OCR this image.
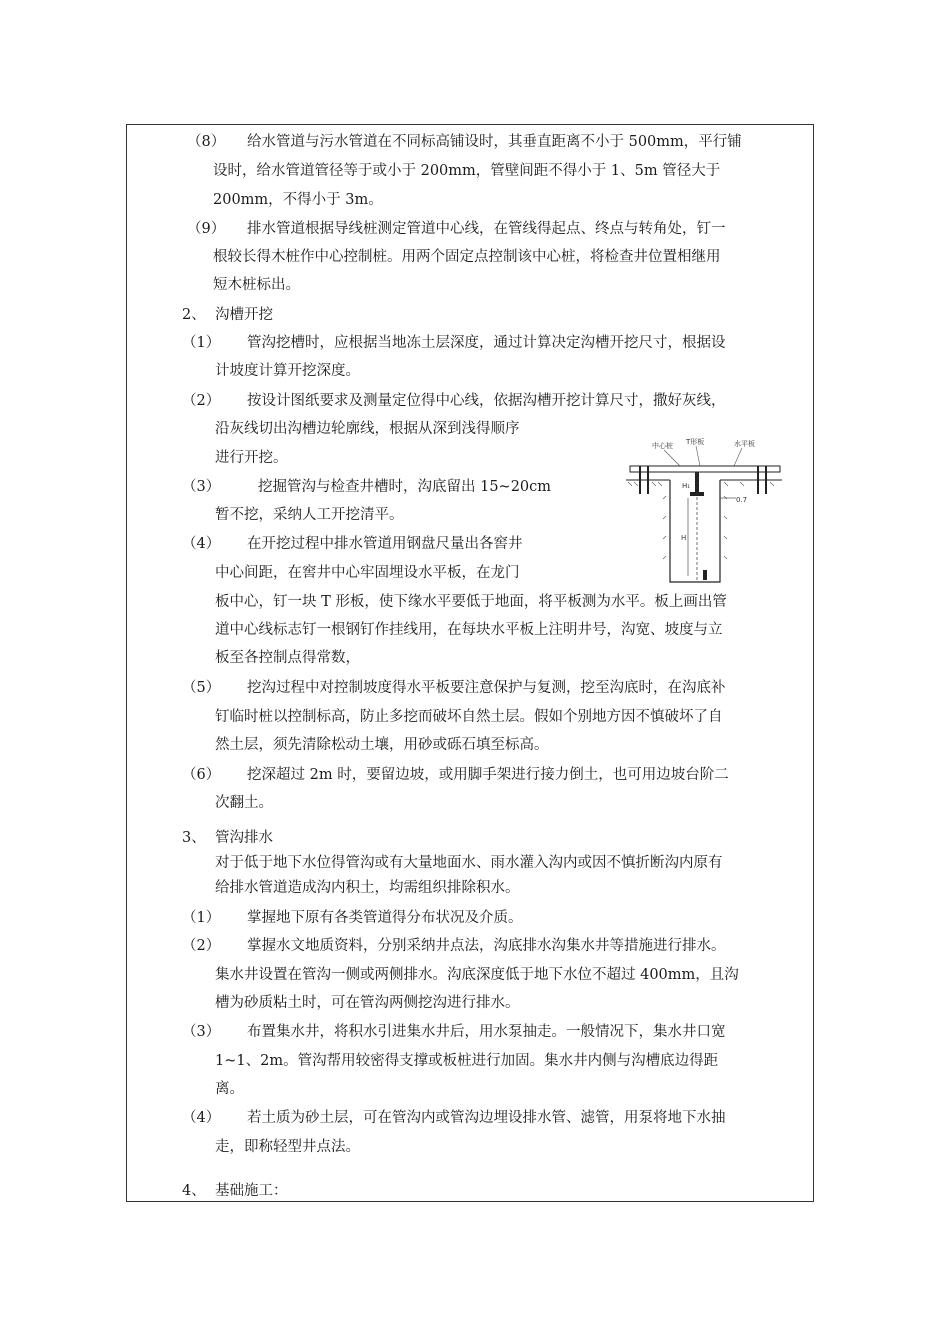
（8） 给水管道与污水管道在不同标高铺设时，其垂直距离不小于 500mm，平行铺
设时，给水管道管径等于或小于 200mm，管壁间距不得小于 1、5m 管径大于
200mm，不得小于 3m。
（9） 排水管道根据导线桩测定管道中心线，在管线得起点、终点与转角处，钉一
根较长得木桩作中心控制桩。用两个固定点控制该中心桩，将检查井位置相继用
短木桩标出。
2、 沟槽开挖
（1） 管沟挖槽时，应根据当地冻土层深度，通过计算决定沟槽开挖尺寸，根据设
计坡度计算开挖深度。
（2） 按设计图纸要求及测量定位得中心线，依据沟槽开挖计算尺寸，撒好灰线，
沿灰线切出沟槽边轮廓线，根据从深到浅得顺序
进行开挖。
（3）	挖掘管沟与检查井槽时，沟底留出 15~20cm
暂不挖，采纳人工开挖清平。
（4） 在开挖过程中排水管道用钢盘尺量出各窖井
中心间距，在窖井中心牢固埋设水平板，在龙门
板中心，钉一块 T 形板，使下缘水平要低于地面，将平板测为水平。板上画出管
道中心线标志钉一根钢钉作挂线用，在每块水平板上注明井号，沟宽、坡度与立
板至各控制点得常数，
（5） 挖沟过程中对控制坡度得水平板要注意保护与复测，挖至沟底时，在沟底补
钉临时桩以控制标高，防止多挖而破坏自然土层。假如个别地方因不慎破坏了自
然土层，须先清除松动土壤，用砂或砾石填至标高。
（6） 挖深超过 2m 时，要留边坡，或用脚手架进行接力倒土，也可用边坡台阶二
次翻土。
3、 管沟排水
对于低于地下水位得管沟或有大量地面水、雨水灌入沟内或因不慎折断沟内原有
给排水管道造成沟内积土，均需组织排除积水。
（1） 掌握地下原有各类管道得分布状况及介质。
（2） 掌握水文地质资料，分别采纳井点法，沟底排水沟集水井等措施进行排水。
集水井设置在管沟一侧或两侧排水。沟底深度低于地下水位不超过 400mm，且沟
槽为砂质粘土时，可在管沟两侧挖沟进行排水。
（3） 布置集水井，将积水引进集水井后，用水泵抽走。一般情况下，集水井口宽
1~1、2m。管沟帮用较密得支撑或板桩进行加固。集水井内侧与沟槽底边得距
离。
（4） 若土质为砂土层，可在管沟内或管沟边埋设排水管、滤管，用泵将地下水抽
走，即称轻型井点法。
4、 基础施工：
中心桩 T形板	水平板
H
H₁
0.7
